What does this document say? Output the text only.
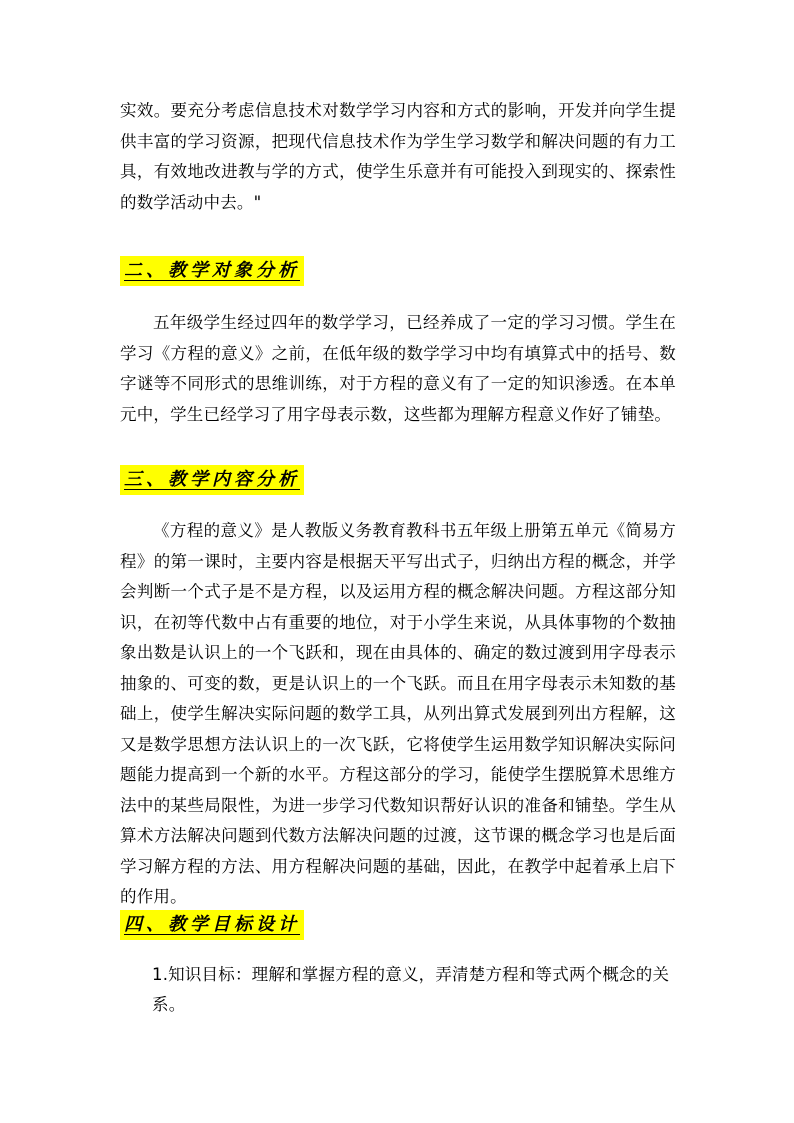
实效。要充分考虑信息技术对数学学习内容和方式的影响，开发并向学生提供丰富的学习资源，把现代信息技术作为学生学习数学和解决问题的有力工具，有效地改进教与学的方式，使学生乐意并有可能投入到现实的、探索性的数学活动中去。"

二、教学对象分析

五年级学生经过四年的数学学习，已经养成了一定的学习习惯。学生在学习《方程的意义》之前，在低年级的数学学习中均有填算式中的括号、数字谜等不同形式的思维训练，对于方程的意义有了一定的知识渗透。在本单元中，学生已经学习了用字母表示数，这些都为理解方程意义作好了铺垫。

三、教学内容分析

《方程的意义》是人教版义务教育教科书五年级上册第五单元《简易方程》的第一课时，主要内容是根据天平写出式子，归纳出方程的概念，并学会判断一个式子是不是方程，以及运用方程的概念解决问题。方程这部分知识，在初等代数中占有重要的地位，对于小学生来说，从具体事物的个数抽象出数是认识上的一个飞跃和，现在由具体的、确定的数过渡到用字母表示抽象的、可变的数，更是认识上的一个飞跃。而且在用字母表示未知数的基础上，使学生解决实际问题的数学工具，从列出算式发展到列出方程解，这又是数学思想方法认识上的一次飞跃，它将使学生运用数学知识解决实际问题能力提高到一个新的水平。方程这部分的学习，能使学生摆脱算术思维方法中的某些局限性，为进一步学习代数知识帮好认识的准备和铺垫。学生从算术方法解决问题到代数方法解决问题的过渡，这节课的概念学习也是后面学习解方程的方法、用方程解决问题的基础，因此，在教学中起着承上启下的作用。

四、教学目标设计

1.知识目标：理解和掌握方程的意义，弄清楚方程和等式两个概念的关系。
